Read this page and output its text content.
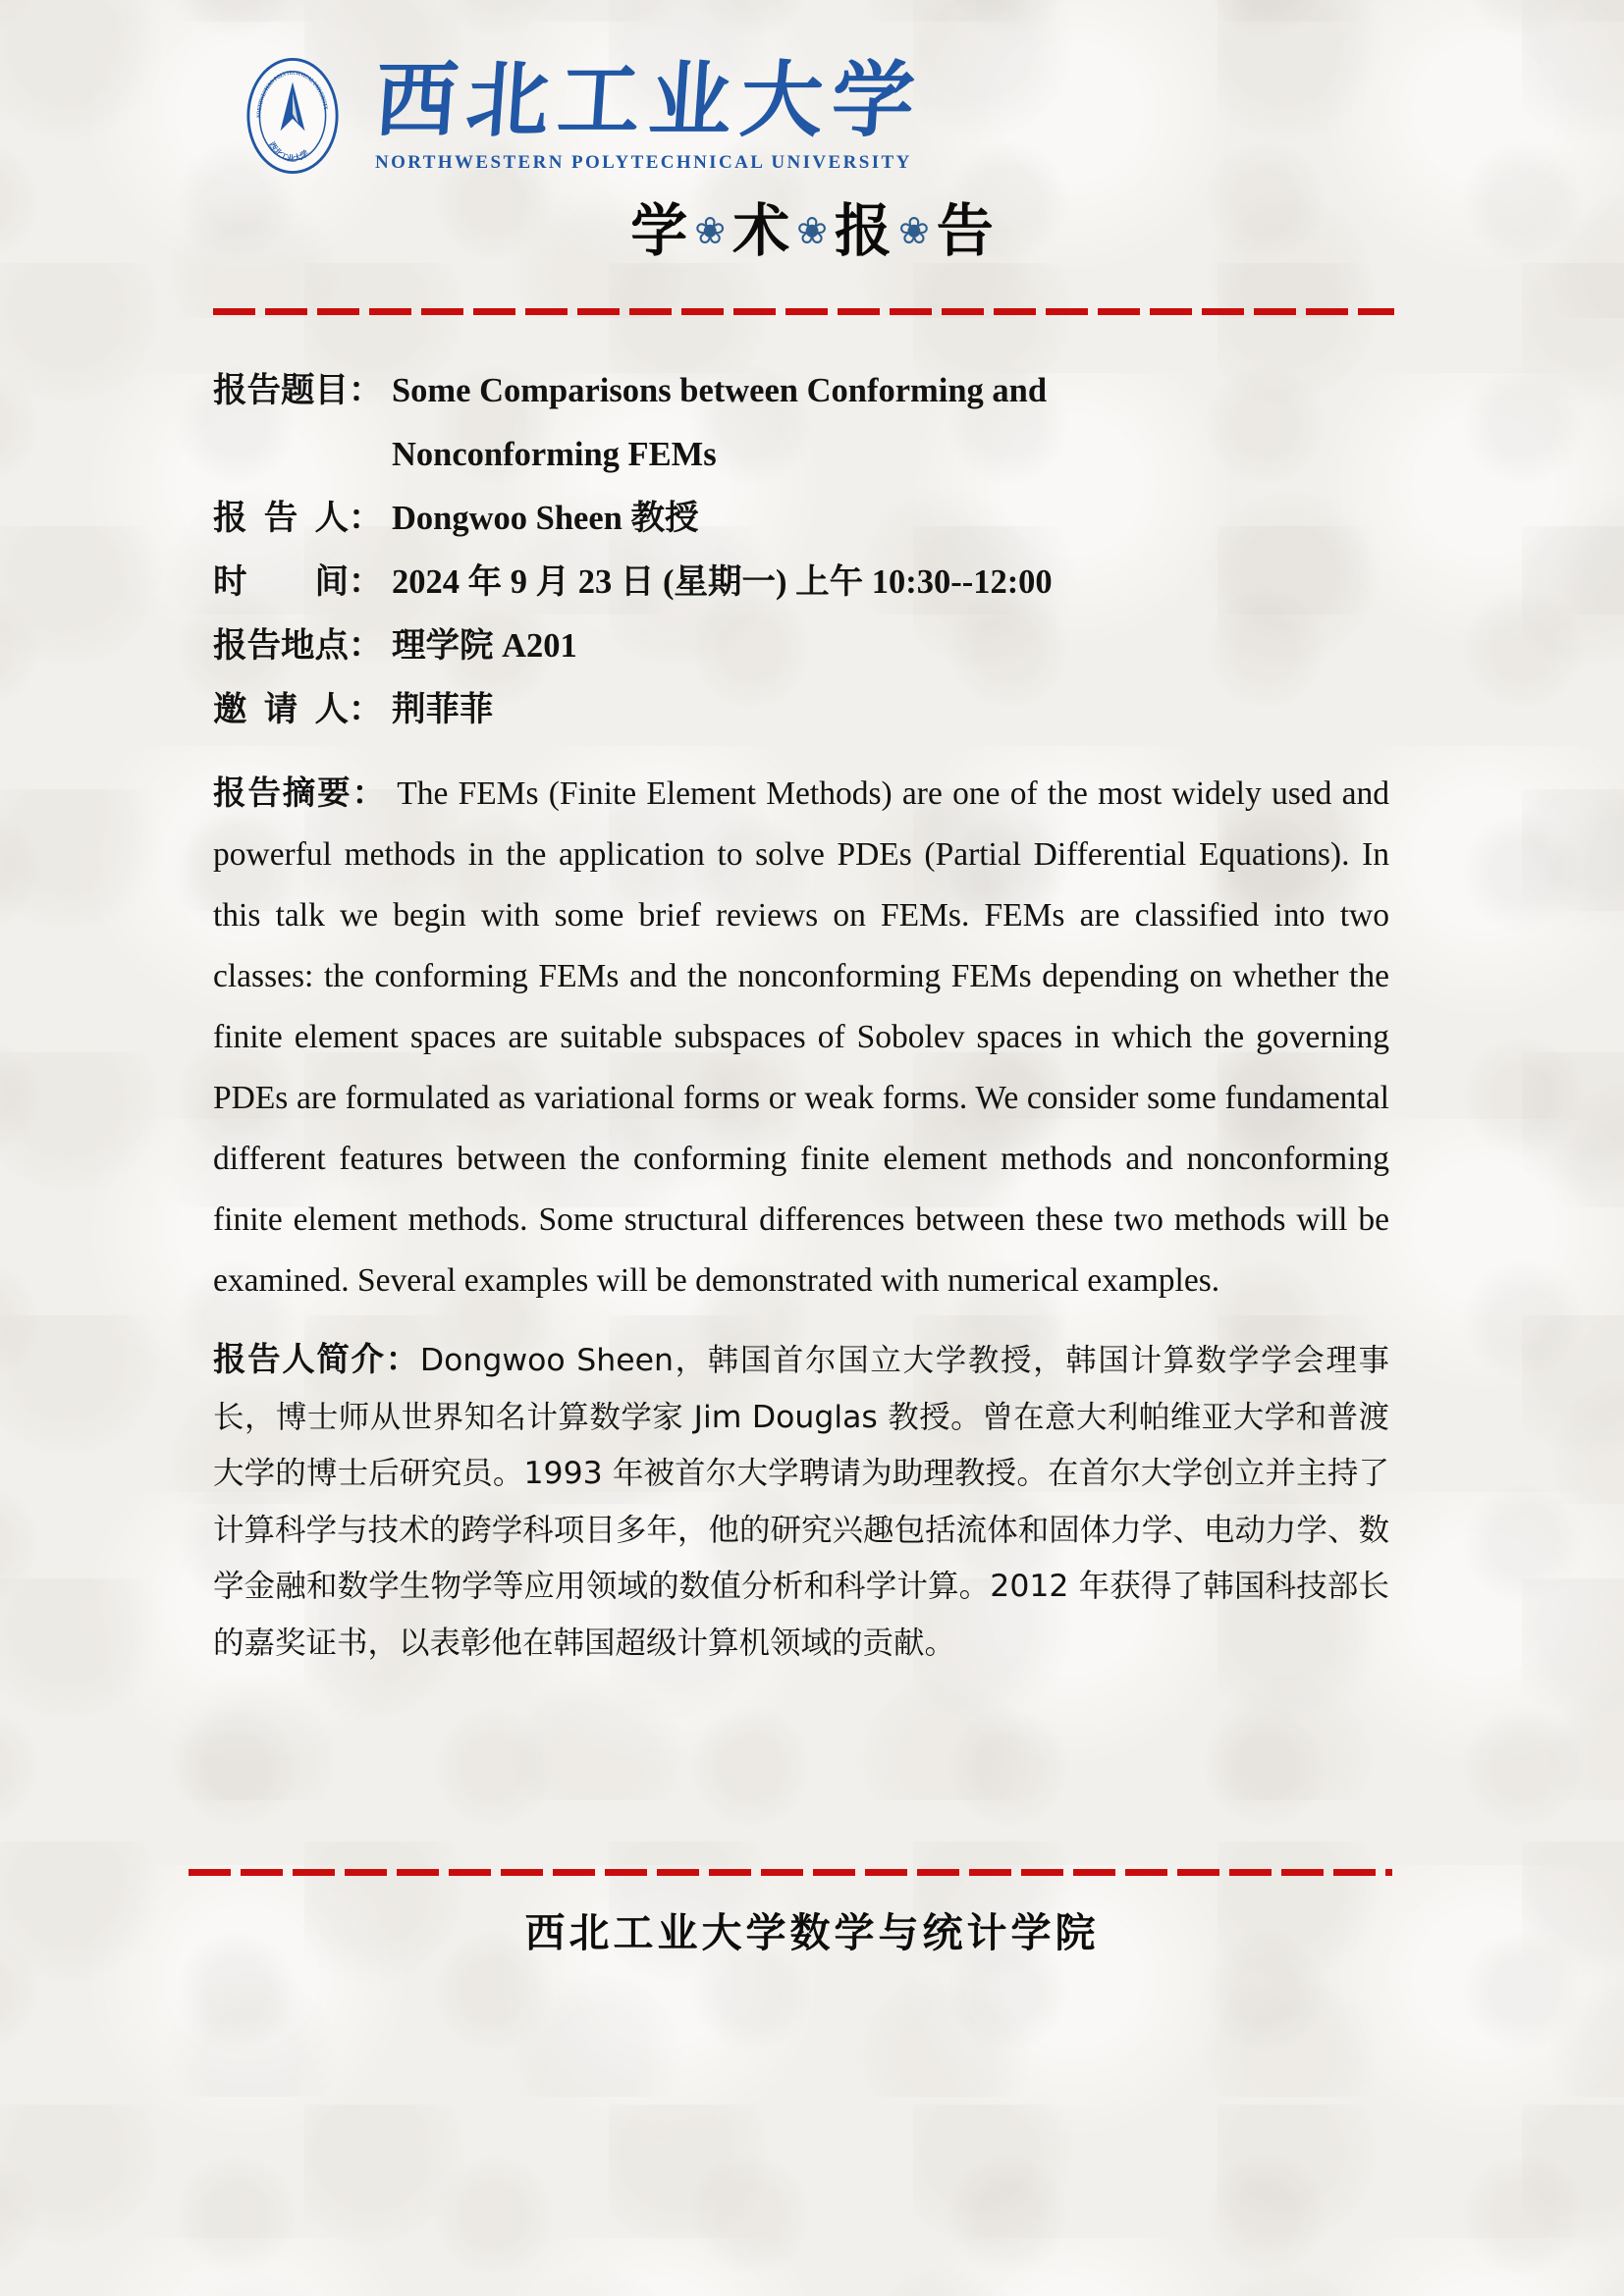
NORTHWESTERN POLYTECHNICAL UNIVERSITY
西北工业大学
西北工业大学
NORTHWESTERN POLYTECHNICAL UNIVERSITY
学 ❀ 术 ❀ 报 ❀ 告
报告题目： Some Comparisons between Conforming and Nonconforming FEMs
报 告 人： Dongwoo Sheen 教授
时　　间： 2024 年 9 月 23 日 (星期一) 上午 10:30--12:00
报告地点： 理学院 A201
邀 请 人： 荆菲菲

报告摘要： The FEMs (Finite Element Methods) are one of the most widely used and powerful methods in the application to solve PDEs (Partial Differential Equations). In this talk we begin with some brief reviews on FEMs. FEMs are classified into two classes: the conforming FEMs and the nonconforming FEMs depending on whether the finite element spaces are suitable subspaces of Sobolev spaces in which the governing PDEs are formulated as variational forms or weak forms. We consider some fundamental different features between the conforming finite element methods and nonconforming finite element methods. Some structural differences between these two methods will be examined. Several examples will be demonstrated with numerical examples.

报告人简介：Dongwoo Sheen，韩国首尔国立大学教授，韩国计算数学学会理事长，博士师从世界知名计算数学家 Jim Douglas 教授。曾在意大利帕维亚大学和普渡大学的博士后研究员。1993 年被首尔大学聘请为助理教授。在首尔大学创立并主持了计算科学与技术的跨学科项目多年，他的研究兴趣包括流体和固体力学、电动力学、数学金融和数学生物学等应用领域的数值分析和科学计算。2012 年获得了韩国科技部长的嘉奖证书，以表彰他在韩国超级计算机领域的贡献。

西北工业大学数学与统计学院
